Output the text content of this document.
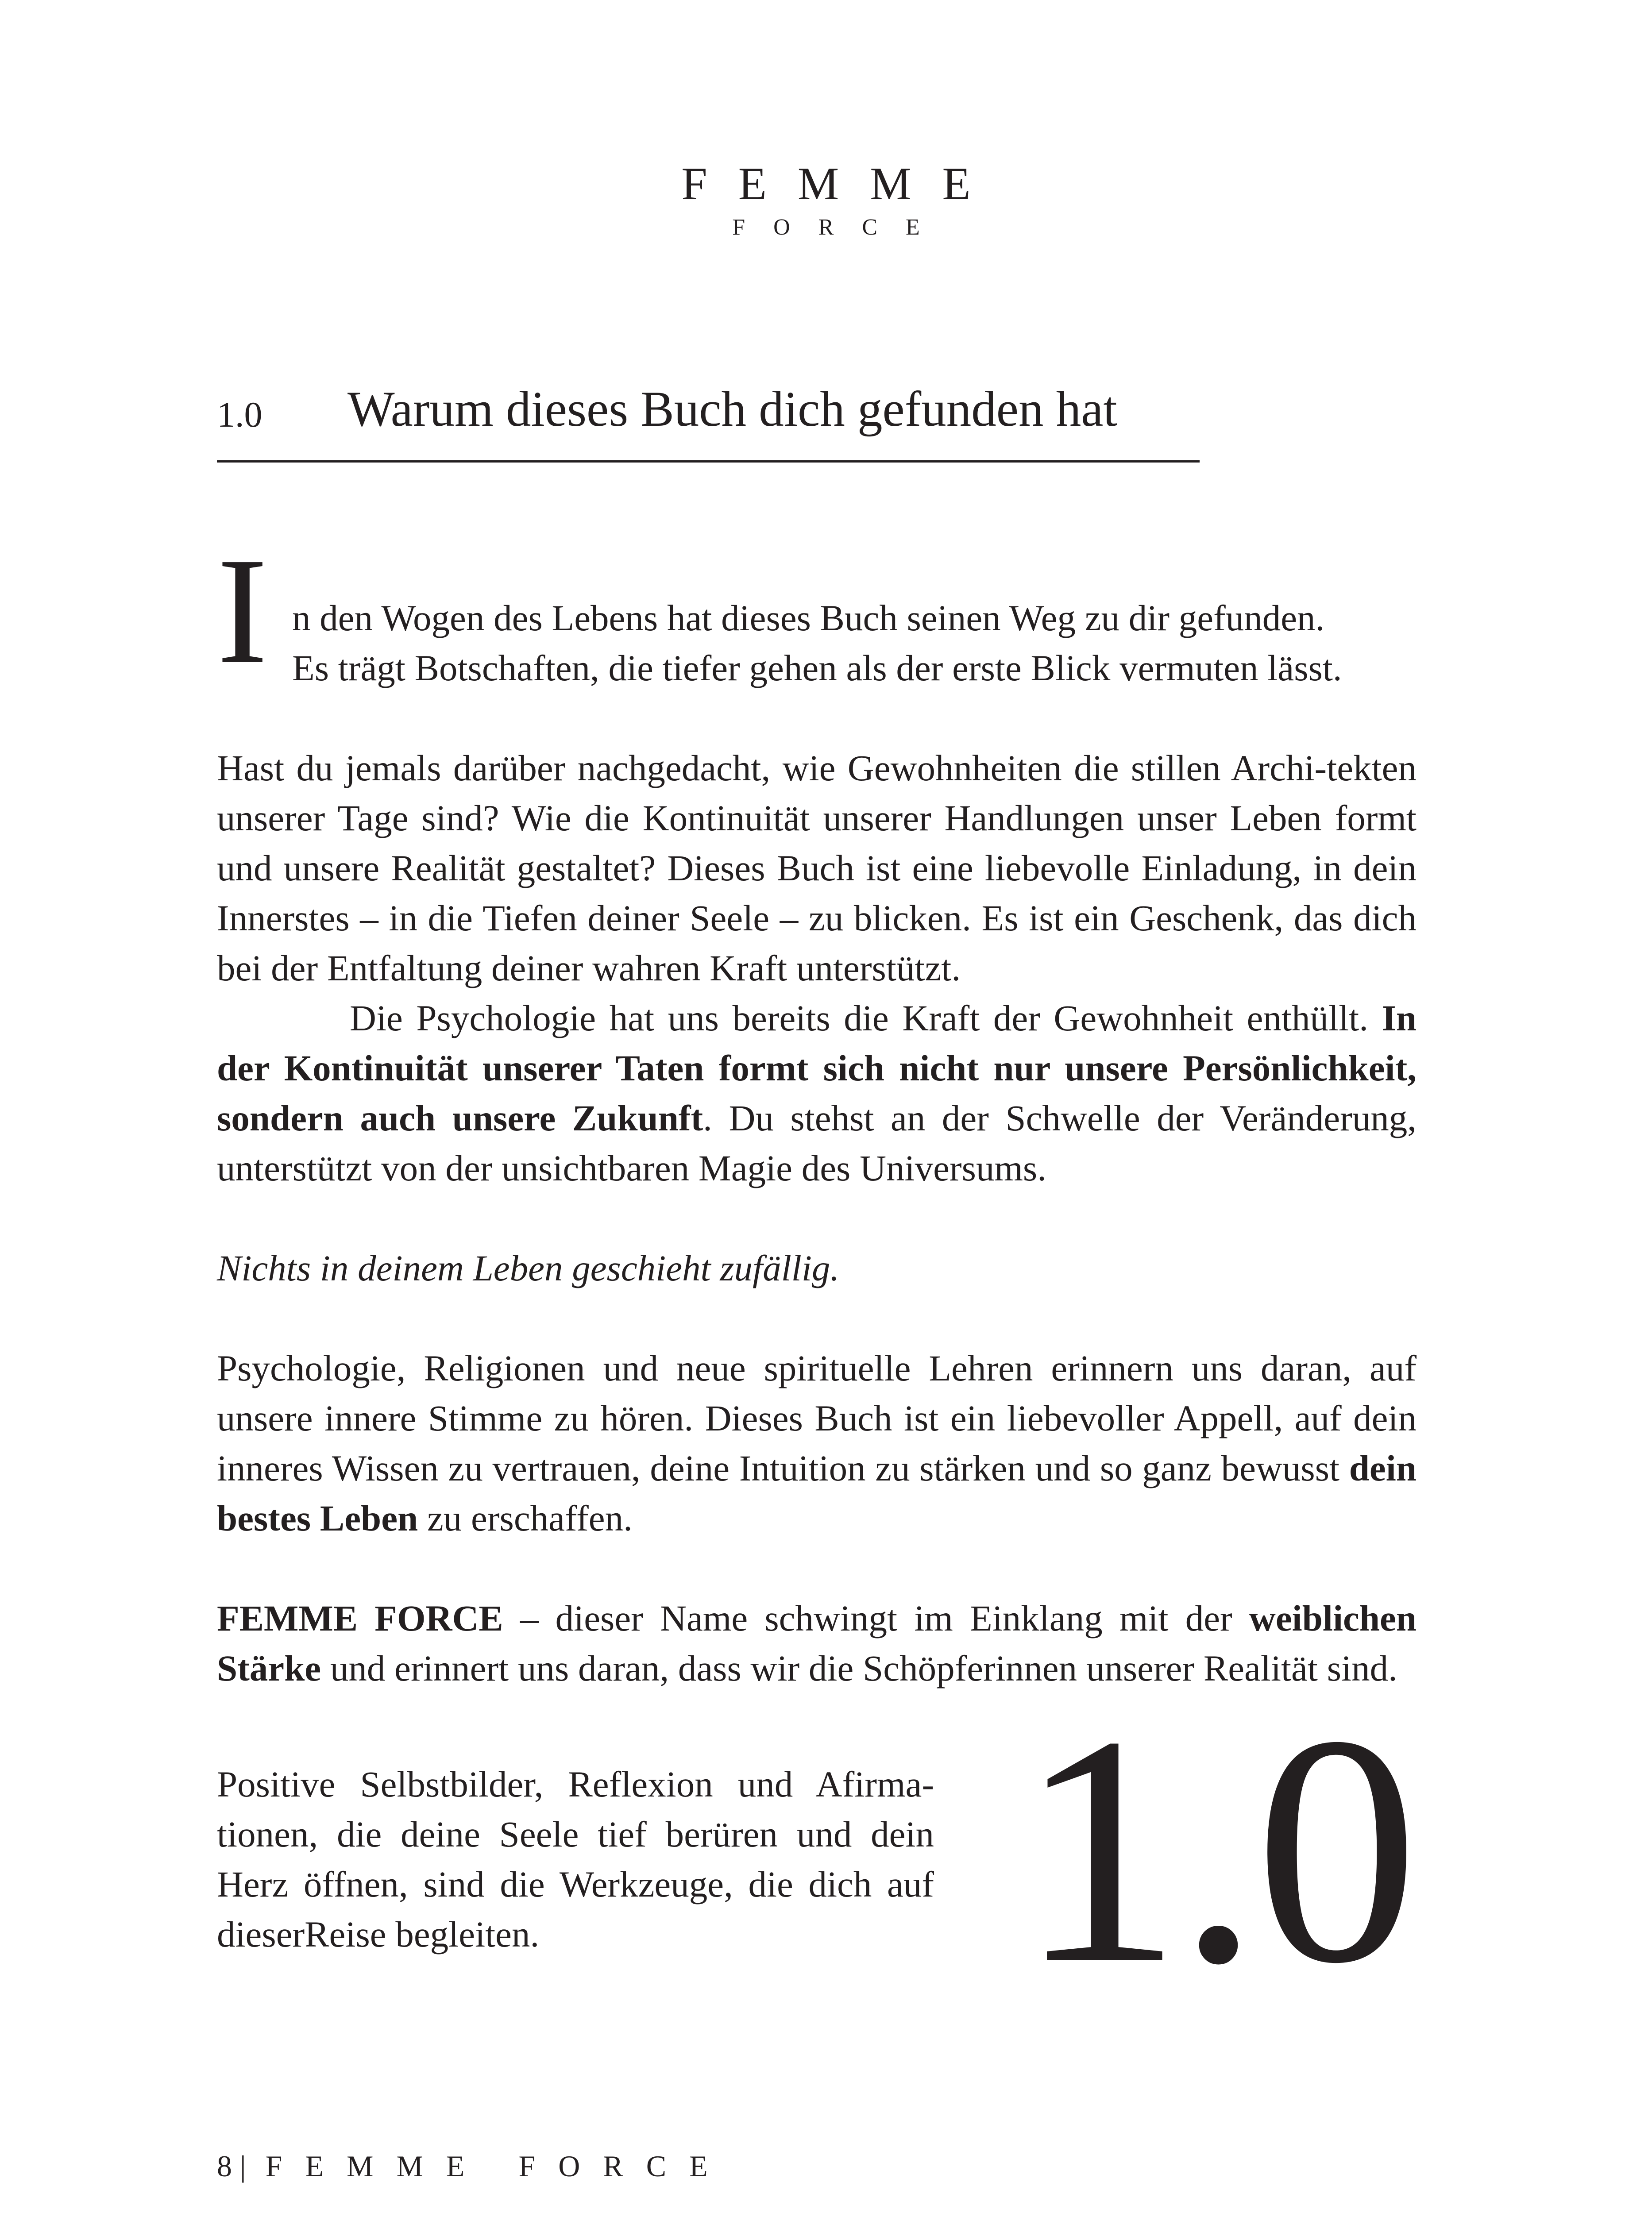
FEMME
FORCE
1.0 Warum dieses Buch dich gefunden hat
I n den Wogen des Lebens hat dieses Buch seinen Weg zu dir gefunden.

Es trägt Botschaften, die tiefer gehen als der erste Blick vermuten lässt.

Hast du jemals darüber nachgedacht, wie Gewohnheiten die stillen Archi-tekten unserer Tage sind? Wie die Kontinuität unserer Handlungen unser Leben formt und unsere Realität gestaltet? Dieses Buch ist eine liebevolle Einladung, in dein Innerstes – in die Tiefen deiner Seele – zu blicken. Es ist ein Geschenk, das dich bei der Entfaltung deiner wahren Kraft unterstützt.

Die Psychologie hat uns bereits die Kraft der Gewohnheit enthüllt. In der Kontinuität unserer Taten formt sich nicht nur unsere Persönlichkeit, sondern auch unsere Zukunft. Du stehst an der Schwelle der Veränderung, unterstützt von der unsichtbaren Magie des Universums.

Nichts in deinem Leben geschieht zufällig.

Psychologie, Religionen und neue spirituelle Lehren erinnern uns daran, auf unsere innere Stimme zu hören. Dieses Buch ist ein liebevoller Appell, auf dein inneres Wissen zu vertrauen, deine Intuition zu stärken und so ganz bewusst dein bestes Leben zu erschaffen.

FEMME FORCE – dieser Name schwingt im Einklang mit der weiblichen Stärke und erinnert uns daran, dass wir die Schöpferinnen unserer Realität sind.

Positive Selbstbilder, Reflexion und Afirma-tionen, die deine Seele tief berüren und dein Herz öffnen, sind die Werkzeuge, die dich auf dieserReise begleiten.	1.0
8 | FEMME FORCE
